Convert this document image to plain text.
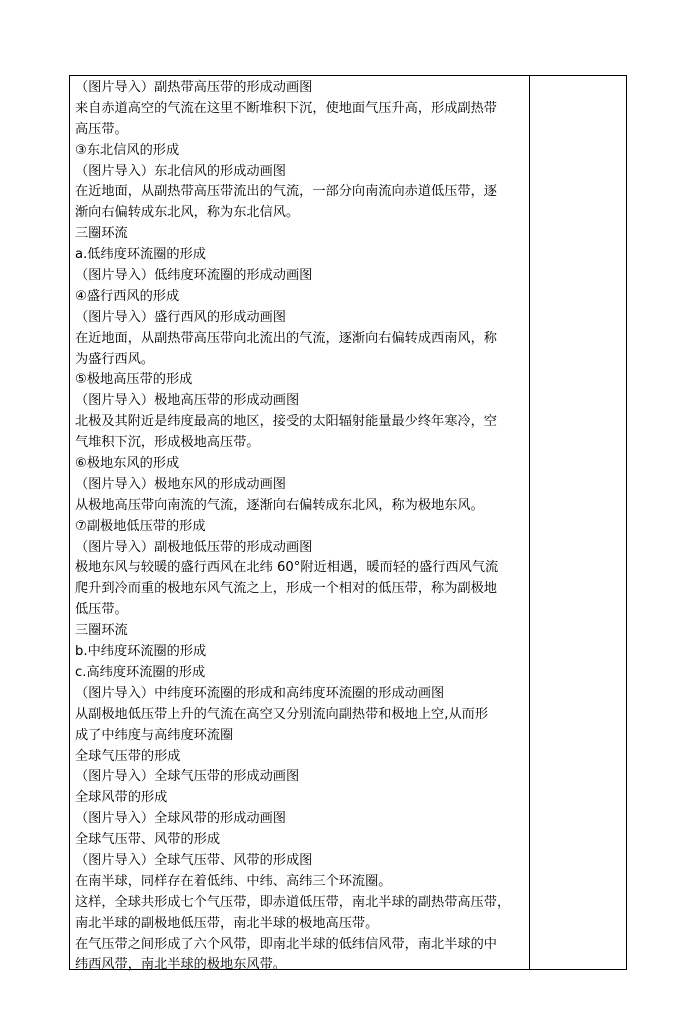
（图片导入）副热带高压带的形成动画图
来自赤道高空的气流在这里不断堆积下沉，使地面气压升高，形成副热带
高压带。
③东北信风的形成
（图片导入）东北信风的形成动画图
在近地面，从副热带高压带流出的气流，一部分向南流向赤道低压带，逐
渐向右偏转成东北风，称为东北信风。
三圈环流
a.低纬度环流圈的形成
（图片导入）低纬度环流圈的形成动画图
④盛行西风的形成
（图片导入）盛行西风的形成动画图
在近地面，从副热带高压带向北流出的气流，逐渐向右偏转成西南风，称
为盛行西风。
⑤极地高压带的形成
（图片导入）极地高压带的形成动画图
北极及其附近是纬度最高的地区，接受的太阳辐射能量最少终年寒冷，空
气堆积下沉，形成极地高压带。
⑥极地东风的形成
（图片导入）极地东风的形成动画图
从极地高压带向南流的气流，逐渐向右偏转成东北风，称为极地东风。
⑦副极地低压带的形成
（图片导入）副极地低压带的形成动画图
极地东风与较暖的盛行西风在北纬 60°附近相遇，暖而轻的盛行西风气流
爬升到冷而重的极地东风气流之上，形成一个相对的低压带，称为副极地
低压带。
三圈环流
b.中纬度环流圈的形成
c.高纬度环流圈的形成
（图片导入）中纬度环流圈的形成和高纬度环流圈的形成动画图
从副极地低压带上升的气流在高空又分别流向副热带和极地上空,从而形
成了中纬度与高纬度环流圈
全球气压带的形成
（图片导入）全球气压带的形成动画图
全球风带的形成
（图片导入）全球风带的形成动画图
全球气压带、风带的形成
（图片导入）全球气压带、风带的形成图
在南半球，同样存在着低纬、中纬、高纬三个环流圈。
这样，全球共形成七个气压带，即赤道低压带，南北半球的副热带高压带，
南北半球的副极地低压带，南北半球的极地高压带。
在气压带之间形成了六个风带，即南北半球的低纬信风带，南北半球的中
纬西风带，南北半球的极地东风带。
